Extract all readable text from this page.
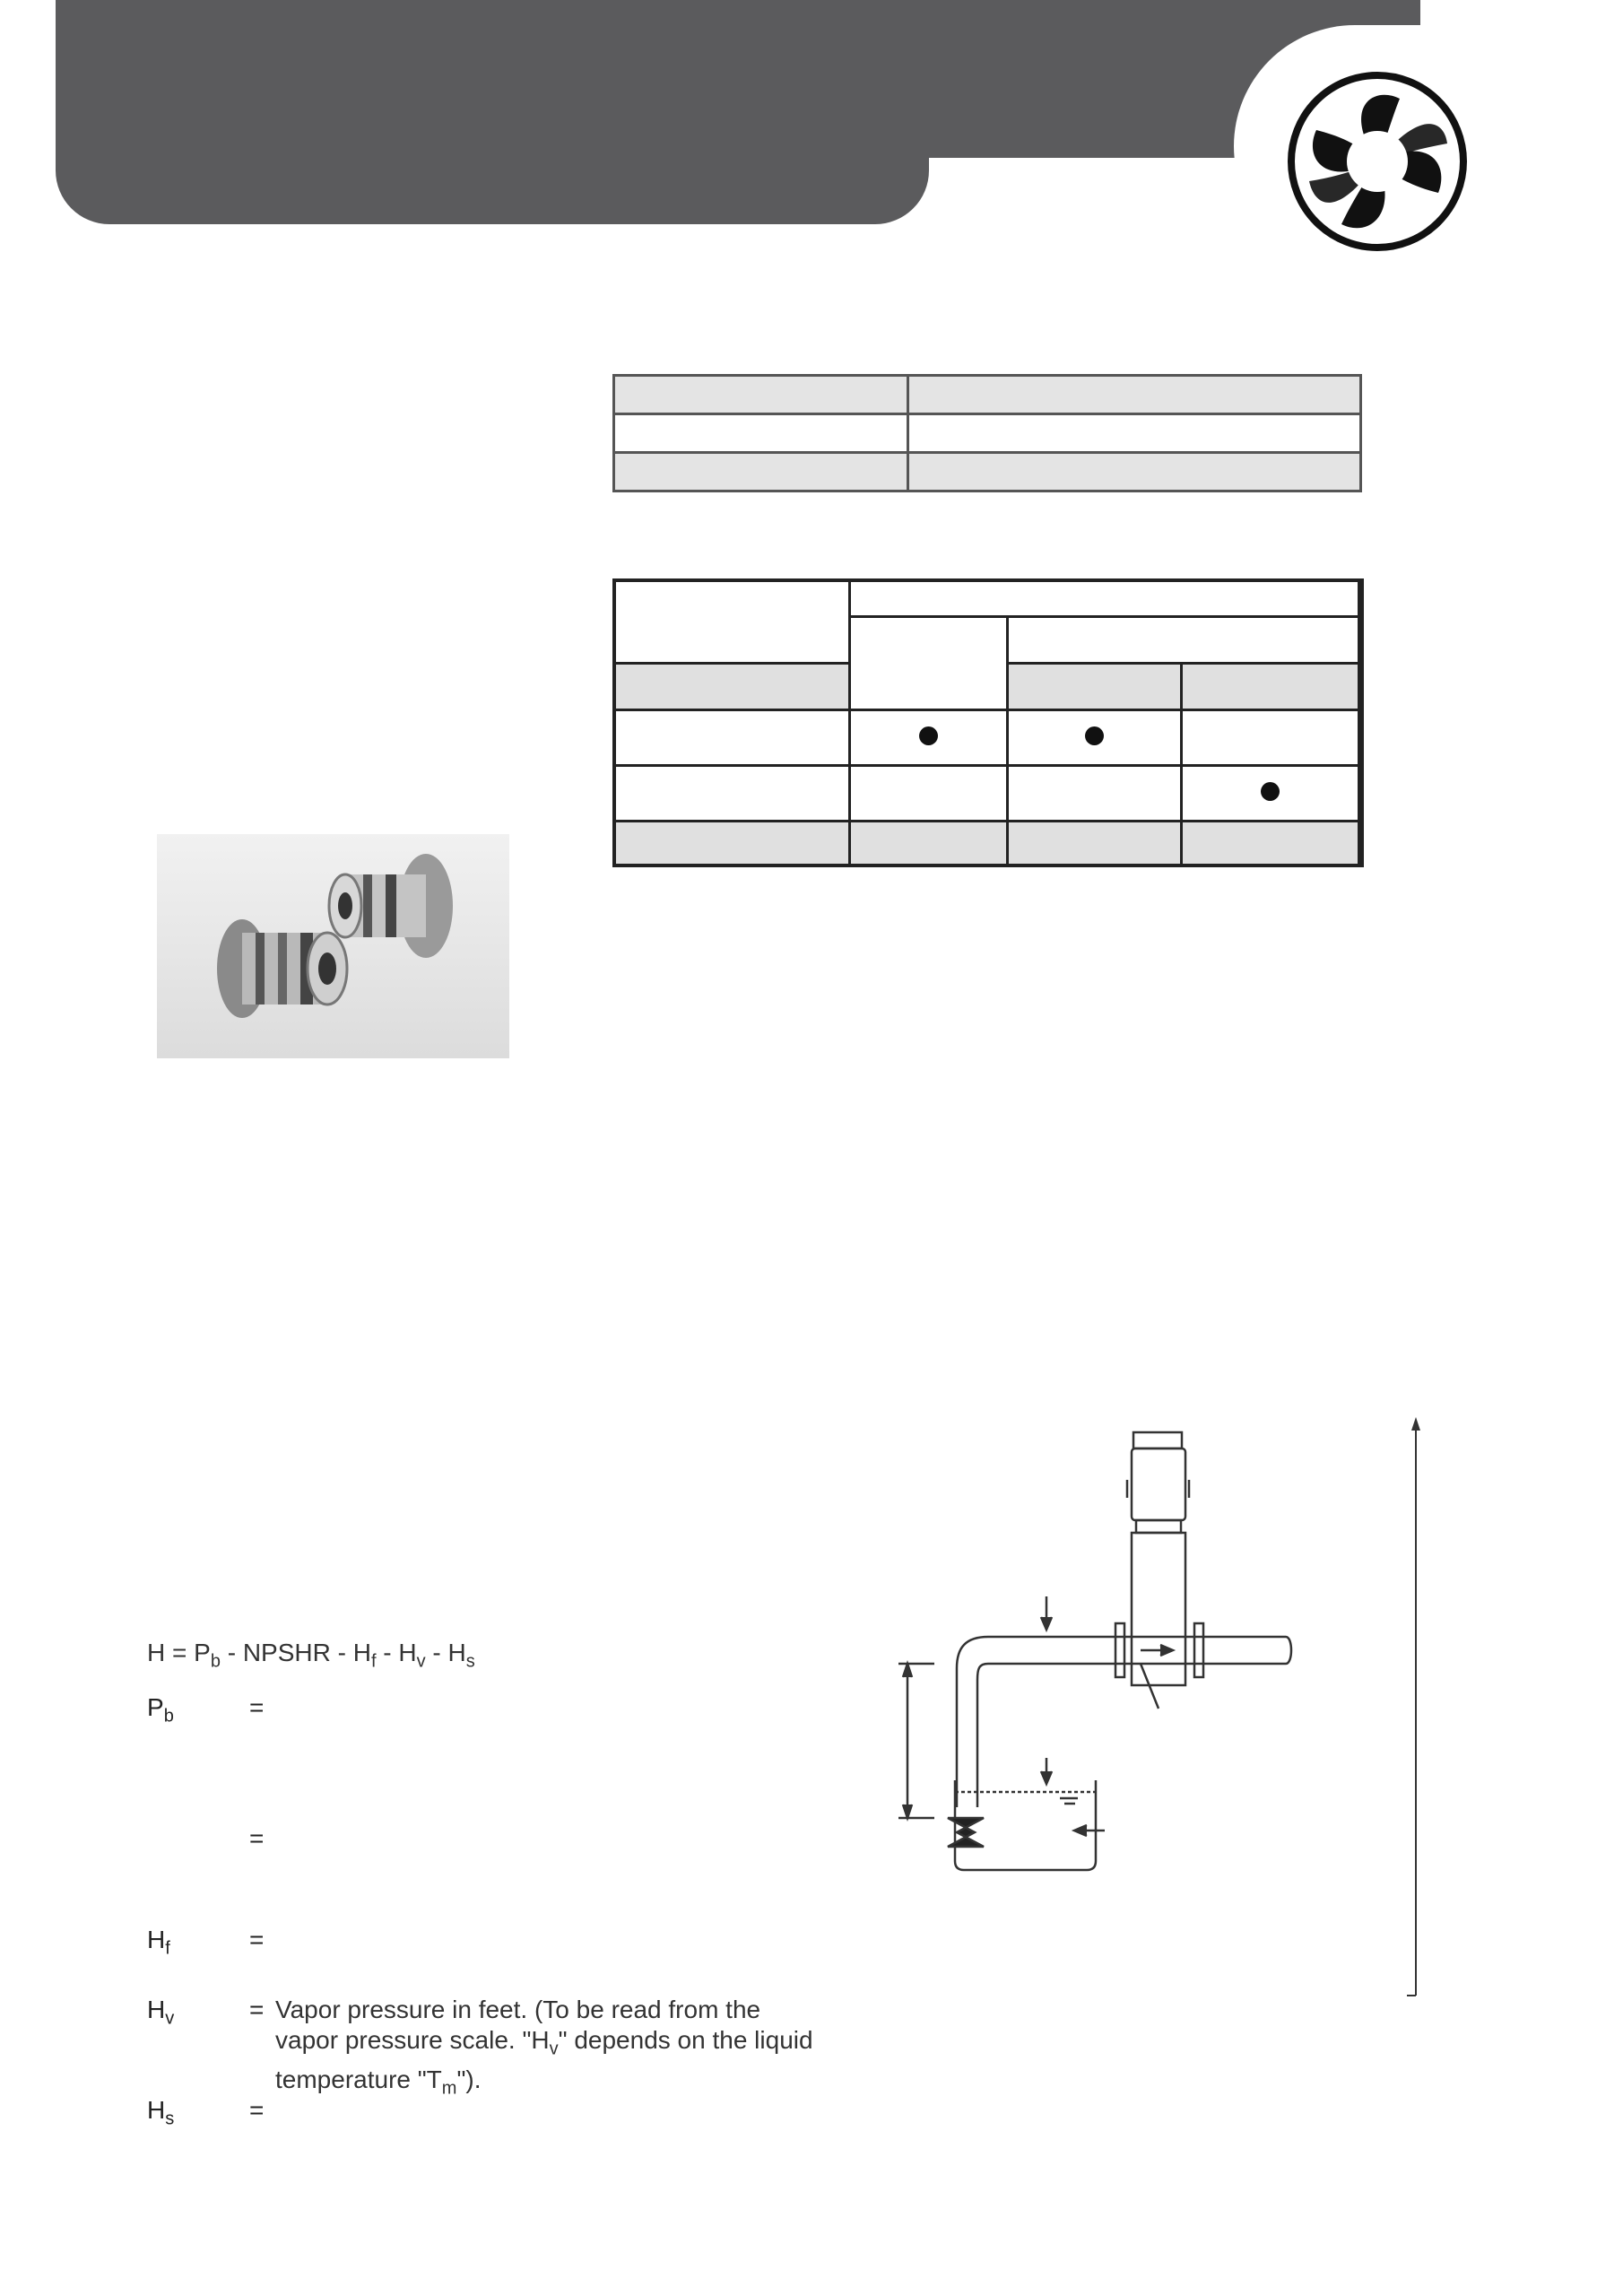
$H = P_b$ - NPSHR - $H_f - H_v - H_s$
$P_b$	=
=
$H_f$	=
$H_v$	= Vapor pressure in feet. (To be read from the vapor pressure scale. "$H_v$" depends on the liquid temperature "$T_m$").
$H_s$	=
